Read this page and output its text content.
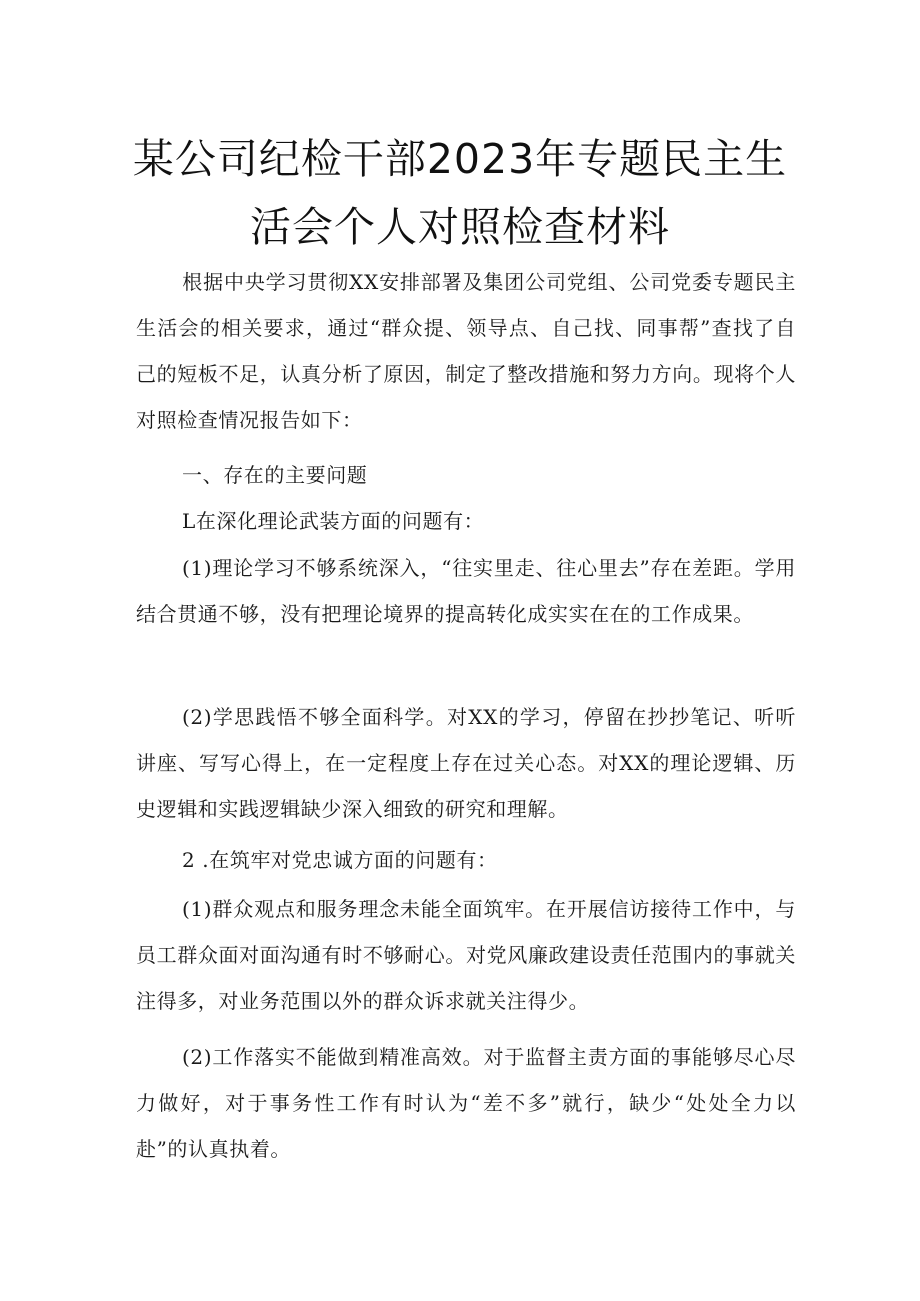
某公司纪检干部2023年专题民主生
活会个人对照检查材料
根据中央学习贯彻XX安排部署及集团公司党组、公司党委专题民主生活会的相关要求，通过“群众提、领导点、自己找、同事帮”查找了自己的短板不足，认真分析了原因，制定了整改措施和努力方向。现将个人对照检查情况报告如下：
一、存在的主要问题
L在深化理论武装方面的问题有：
(1)理论学习不够系统深入，“往实里走、往心里去”存在差距。学用结合贯通不够，没有把理论境界的提高转化成实实在在的工作成果。
(2)学思践悟不够全面科学。对XX的学习，停留在抄抄笔记、听听讲座、写写心得上，在一定程度上存在过关心态。对XX的理论逻辑、历史逻辑和实践逻辑缺少深入细致的研究和理解。
2 .在筑牢对党忠诚方面的问题有：
(1)群众观点和服务理念未能全面筑牢。在开展信访接待工作中，与员工群众面对面沟通有时不够耐心。对党风廉政建设责任范围内的事就关注得多，对业务范围以外的群众诉求就关注得少。
(2)工作落实不能做到精准高效。对于监督主责方面的事能够尽心尽力做好，对于事务性工作有时认为“差不多”就行，缺少“处处全力以赴”的认真执着。
